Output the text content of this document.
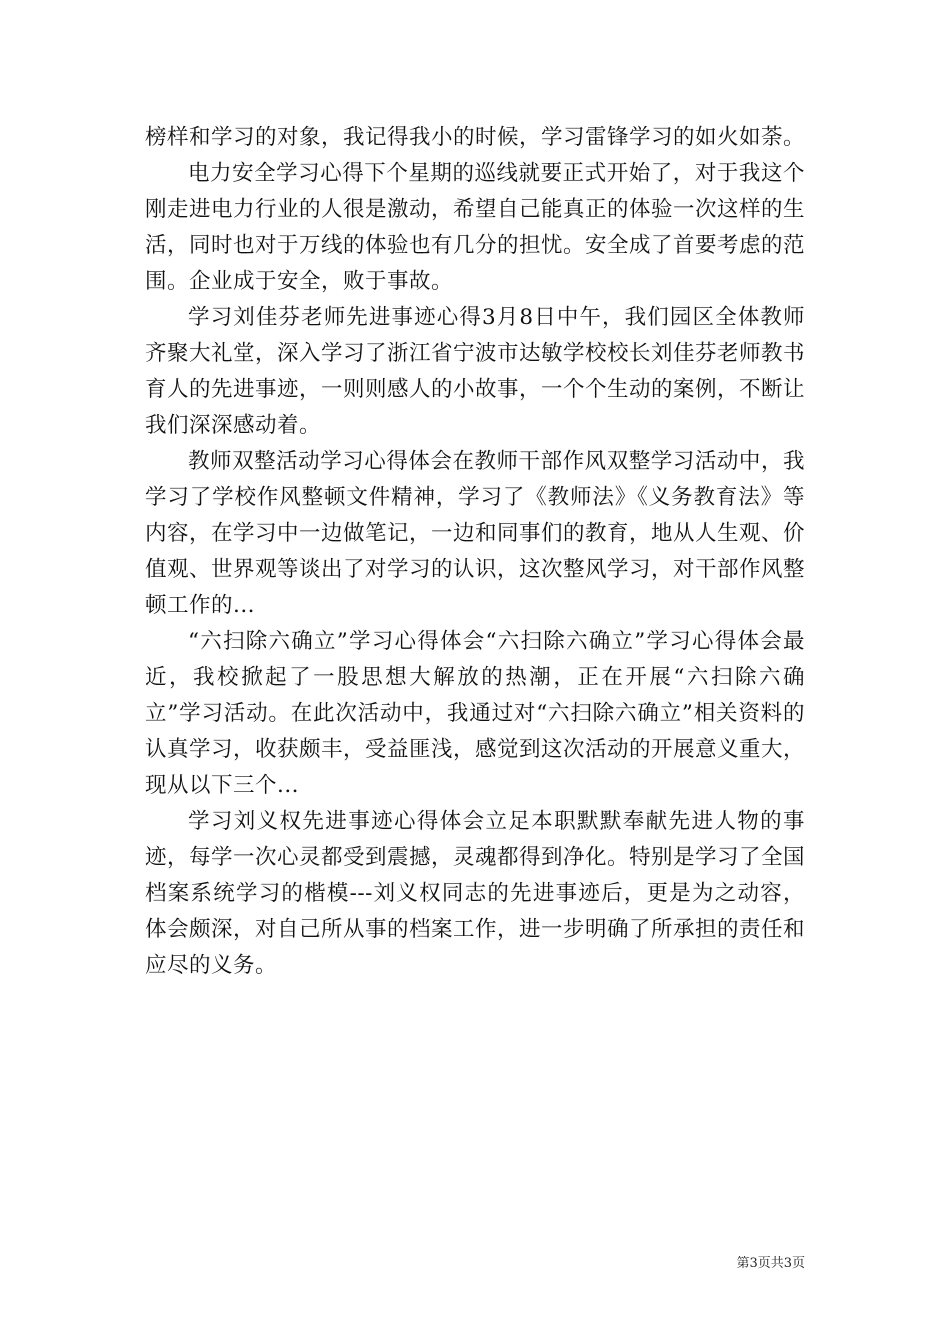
榜样和学习的对象，我记得我小的时候，学习雷锋学习的如火如荼。

电力安全学习心得下个星期的巡线就要正式开始了，对于我这个刚走进电力行业的人很是激动，希望自己能真正的体验一次这样的生活，同时也对于万线的体验也有几分的担忧。安全成了首要考虑的范围。企业成于安全，败于事故。

学习刘佳芬老师先进事迹心得3月8日中午，我们园区全体教师齐聚大礼堂，深入学习了浙江省宁波市达敏学校校长刘佳芬老师教书育人的先进事迹，一则则感人的小故事，一个个生动的案例，不断让我们深深感动着。

教师双整活动学习心得体会在教师干部作风双整学习活动中，我学习了学校作风整顿文件精神，学习了《教师法》《义务教育法》等内容，在学习中一边做笔记，一边和同事们的教育，地从人生观、价值观、世界观等谈出了对学习的认识，这次整风学习，对干部作风整顿工作的...

“六扫除六确立”学习心得体会“六扫除六确立”学习心得体会最近，我校掀起了一股思想大解放的热潮，正在开展“六扫除六确立”学习活动。在此次活动中，我通过对“六扫除六确立”相关资料的认真学习，收获颇丰，受益匪浅，感觉到这次活动的开展意义重大，现从以下三个...

学习刘义权先进事迹心得体会立足本职默默奉献先进人物的事迹，每学一次心灵都受到震撼，灵魂都得到净化。特别是学习了全国档案系统学习的楷模---刘义权同志的先进事迹后，更是为之动容，体会颇深，对自己所从事的档案工作，进一步明确了所承担的责任和应尽的义务。

第3页共3页
